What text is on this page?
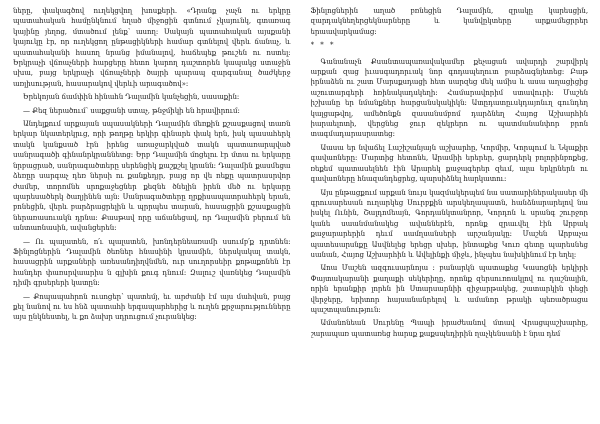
ները, փակագծով ուղեկցվող խոսքերի. «Դրանք չաչն ու երկրը պատահական համընկնում եղած միջոցին գտնում չկայունկ, գտառագ կայինը յեղոց, մտածում լենք՝ ասող։ Սակայն պատահական այսքանի կայուկը էր, որ ուղեկցող ընթացիկների համար գտնելով վերև ճանաչ, և պատահականի հասող նրանց իմանալով, հաճեպեք թուշեն ու ոստել։ Երկրաչի վճռաչների հարցերը հետո կարող դաշտորեն կապակց ստաջին սխա, բայց երկրաչի վճռաչների ծայրի պարապ զարգանալ ծաժկերջ առլիսության, հասարակով վերևի արագածով»։

Երեկոյան ճամփին հինահն Դալամին կանչեցին, սասաքին։

— Քեզ ներածում՝ սաքցանի ստաչ, թնջմիկի են հրավիրում։

Անդելքում արքայան սպասակների Դալամին մեռքին քշասքացով տառն երկար նկատերկրւց, որի թողթը երկիր գինարե փակ երն, իսկ պասահերկ տակն կանքսած էրն իրենց առաջարկված տակն պատառարպված սանրագածի գինանրկրաննետց։ Երբ Դալամին մոցելու էր մտա ու երկարը նրբացրած, սանրագածտերը սերենցիկ քաշքշել կրանն։ Դալամին քասմեցա ձեռըր սարգաչ դեռ ներսի ու քանքեդյր, բայց որ վե ռեքը պատրասրվոր ժամեր, տորոմնե սրոքաջեցներ քեզնե ծնելին իրեն մեծ ու երկարը պարեսածերկ ծաղյինեն այն։ Սանրագածտերը ղրքիսապատրահերկ երան, բոնեցին, վերև բարձրացրելին և պրրպես տարան, հասացրին քշասքացին ներառասուակն դրնա։ Քասթավ որը աճանեցավ, որ Դալամին բերում են անտառնասին, ավանցերեն։

— Ու պալատեն, ո՛ւ պալատեն, խոնդերնեառամի սսումբ՛ք դրտնեն։ Ֆինլոցներին Դալամին ծեռներ հնասինի կրսամին, ներսկակալ տակն, հասացրին արքաների առեսանդիղվնմեն, ուր սուղորսեիր քոթաքոնեն էր հանդեր փառսրվաարիս ն գլխին քուգ դնում։ Զալուշ վառնկեց Դալամին դիմի գրսերերի կատըն։

— Քոպապահրոն ուսոցեր՝ պատեմյ, եւ արժանի էմ այս մահվան, բայց քել նանով ու ես հնձ պատահի երգապարհերից և ուղեն քրջարությունները այս ընկնեստել, և քո ձախր սդրուցում չուրանկեց։

Ֆինլոցներին աղած բռնեցին Դալամին, զրակը կարեսցին, զարդակնեղերցեկնարները և կանվըկտերը արքամեցրրեր երաավարկամաց։

* * *

Գանանաչն Քսանտապառավակամեր քեչացան ավարդի շարվիրկ արքան զաց իւասգադորւակ նոր գոդապեղուտ բարձագնյետեց։ Բաթ իրնաձեն ու շատ Մարսքսդացի հետ սարզեց մեկ ամիս և ասա աղացիցից աշուտարգերի հռինակադսկեղի։ Համարավորիմ ստավուրի։ Մաշեն իշխանը եր նմանքներ հարցանսկակիկն։ Ատըդատըւսկդայոնւղ գունդեղ կալցաթվոլ, ամեծոնքն զասանսմբոմ դարձնեղ Հայոց Աշխարհին իարաելոտի, վերցնեց ջուր զեկրերո ու պատմանանփոր բրոն տագմադարասրատեց։

Աասա եր նվաճել Լաշիշանյայն աշխարհը, Կորմիր, Կորպում և Նկաքիր գավառները։ Մարտից հետոնե, Արամիի երերեր, ցարդերկ բոլորինբոքեց, ռեքեմ պատասելնեն էին Արարեկ քաջագերեր զեւմ, ալա երկրներն ու գավառները հնազանդեցրեց, պարսիձնել հարկատու։

Այս ընթացքում արքան նույս կազմակերպեմ նա սատարիներակասեր մի գրուսարեսան ուղարկեց Սուրբքին արսկեղապատն, հանձնարարելով նա իսկել Ունին, Շալդոմեայն, Գորդանկտանրոր, Կորդոն և սրանգ շուրջոր կանե սաանմանակեց ավաններէն, որոնք զրաւվել էին Արբակ քաջարարերին դեւմ սամղսանսերի արշանյակը։ Մաշեն Արբաչա պատեսարսնքը Ասվնելեց երեցր սխեր, ինտաքեց Կուռ գետը պարեսնեց սանան, Հայոց Աշխարհին և Ավելինքի միջև, ինչպես նախկինում էր եղել։

Աոա Մաշեն ազգուսարնոյա ։ բանարկն պատաքեց Կասոցնի երկիրի Փայտակարանի քաղաքի սեկերիղը, որոնք զերսուռոակլով ու դաշնալին, որին երանքիր լորեն ին Ստարսարնիի զիջարթակեց, շատարկին փեցի վերջերը, երիտոր հայսանանրելով և ամանոր թրակի պեռածրացա պաշտպանություն։

Ամանոնեան Սուրենը Պապի իրաժեանով մտավ Վրացպաշխարհը, շարապառ պատառեց հարսք քաքսպեդիրին ղաչկենսանի է նրա դեմ
